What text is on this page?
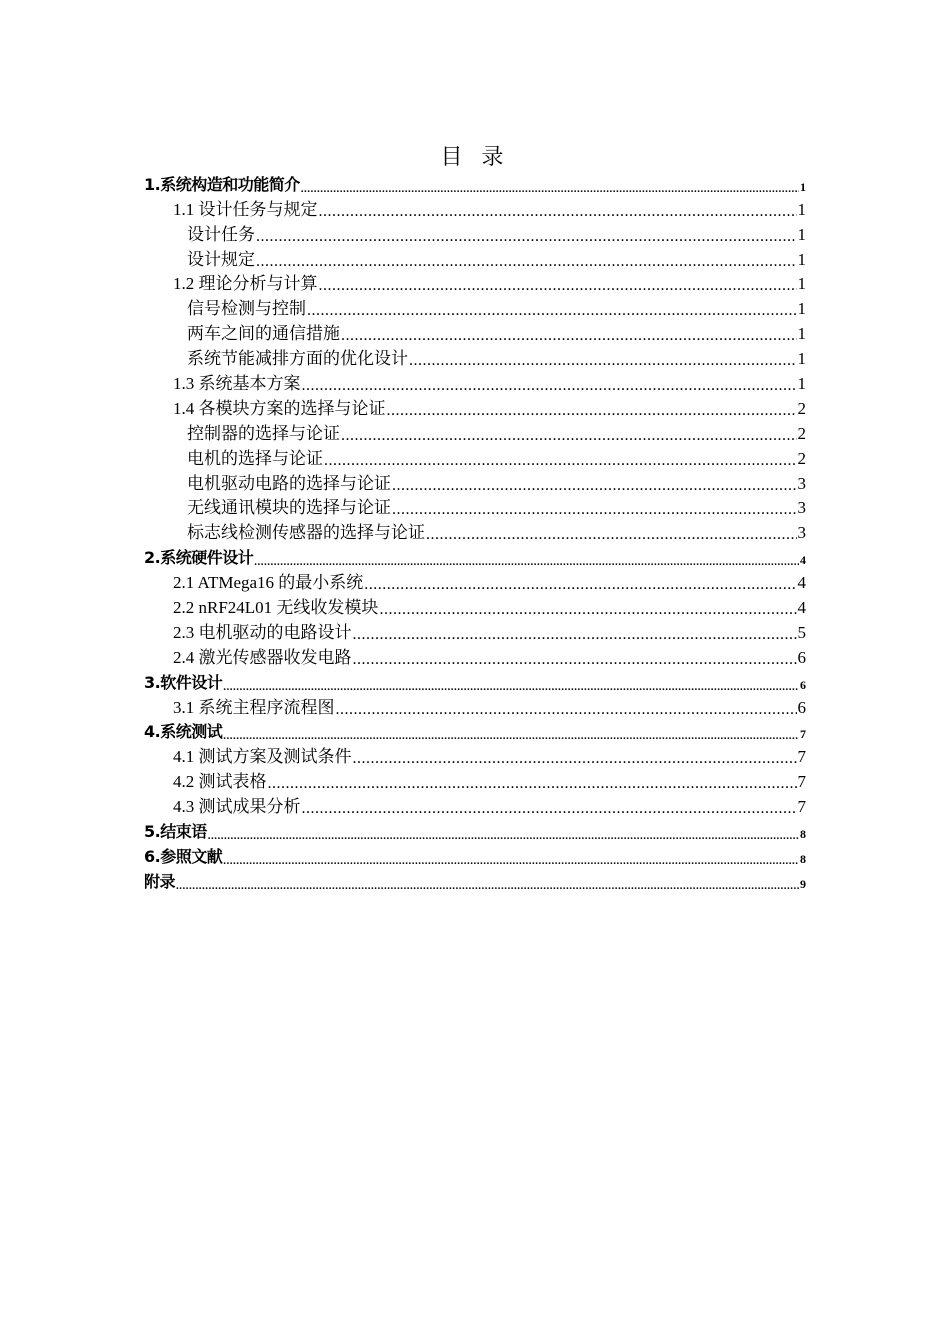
目 录
1.系统构造和功能简介 .....	1
1.1 设计任务与规定 .....	1
设计任务 .....	1
设计规定 .....	1
1.2 理论分析与计算 .....	1
信号检测与控制 .....	1
两车之间的通信措施 .....	1
系统节能减排方面的优化设计 .....	1
1.3 系统基本方案 .....	1
1.4 各模块方案的选择与论证 .....	2
控制器的选择与论证 .....	2
电机的选择与论证 .....	2
电机驱动电路的选择与论证 .....	3
无线通讯模块的选择与论证 .....	3
标志线检测传感器的选择与论证 .....	3
2.系统硬件设计 .....	4
2.1 ATMega16 的最小系统 .....	4
2.2 nRF24L01 无线收发模块 .....	4
2.3 电机驱动的电路设计 .....	5
2.4 激光传感器收发电路 .....	6
3.软件设计 .....	6
3.1 系统主程序流程图 .....	6
4.系统测试 .....	7
4.1 测试方案及测试条件 .....	7
4.2 测试表格 .....	7
4.3 测试成果分析 .....	7
5.结束语 .....	8
6.参照文献 .....	8
附录 .....	9
